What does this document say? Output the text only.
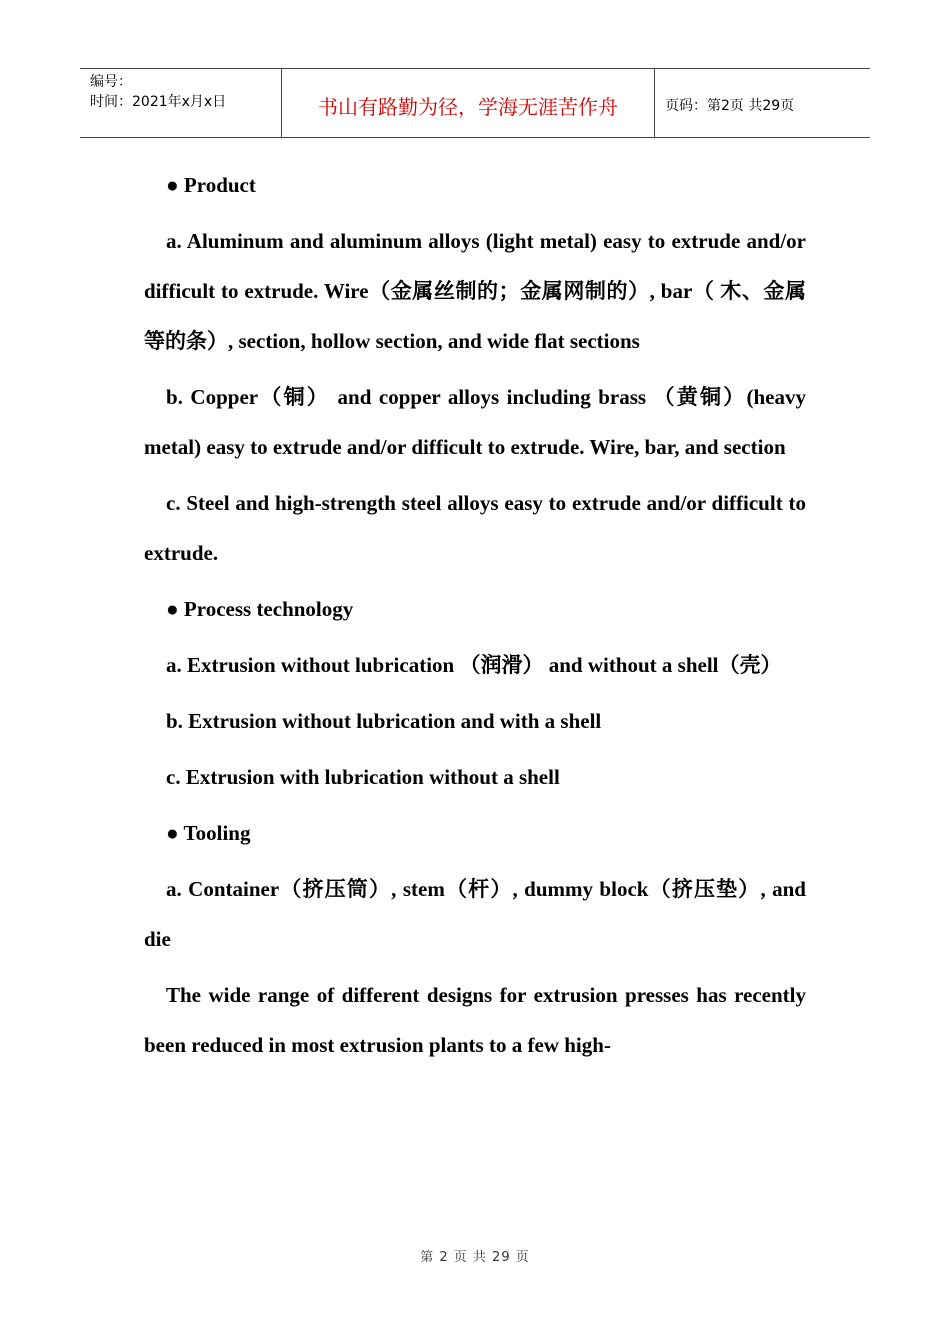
编号：
时间：2021年x月x日	书山有路勤为径，学海无涯苦作舟	页码：第2页 共29页

● Product

a. Aluminum and aluminum alloys (light metal) easy to extrude and/or difficult to extrude. Wire（金属丝制的；金属网制的）, bar（ 木、金属等的条）, section, hollow section, and wide flat sections

b. Copper（铜） and copper alloys including brass （黄铜）(heavy metal) easy to extrude and/or difficult to extrude. Wire, bar, and section

c. Steel and high-strength steel alloys easy to extrude and/or difficult to extrude.

● Process technology

a. Extrusion without lubrication （润滑） and without a shell（壳）

b. Extrusion without lubrication and with a shell

c. Extrusion with lubrication without a shell

● Tooling

a. Container（挤压筒）, stem（杆）, dummy block（挤压垫）, and die

The wide range of different designs for extrusion presses has recently been reduced in most extrusion plants to a few high-

第 2 页 共 29 页
